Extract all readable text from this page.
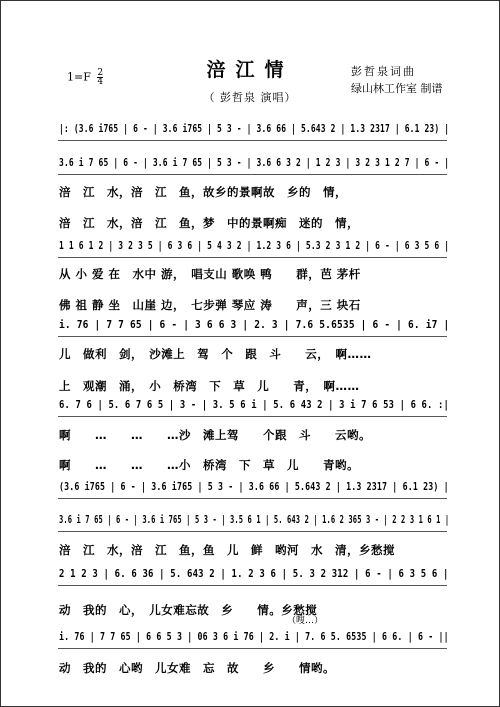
$1=F \frac{2}{4}$	涪江情	彭哲泉词曲
绿山林工作室 制谱
（ 彭哲泉 演唱）
|: (3.6 i765 | 6 - | 3.6 i765 | 5 3 - | 3.6 66 | 5.643 2 | 1.3 2317 | 6.1 23) |
3.6 i 7 65 | 6 - | 3.6 i 7 65 | 5 3 - | 3.6 6 3 2 | 1 2 3 | 3 2 3 1 2 7 | 6 - |
涪　江　水，涪　江　鱼，故乡的景啊故　乡的　情，
涪　江　水，涪　江　鱼，梦　中的景啊痴　迷的　情，
1 1 6 1 2 | 3 2 3 5 | 6 3 6 | 5 4 3 2 | 1.2 3 6 | 5.3 2 3 1 2 | 6 - | 6 3 5 6 |
从 小 爱 在　水中 游，　唱支山 歌唤 鸭　　群，芭 茅杆
佛 祖 静 坐　山崖 边，　七步弹 琴应 涛　　声，三 块石
i. 76 | 7 7 65 | 6 - | 3 6 6 3 | 2. 3 | 7.6 5.6535 | 6 - | 6. i7 |
儿　做利　剑，　沙滩上　驾　个　跟　斗　　云，　啊……
上　观潮　涌，　小　桥湾　下　草　儿　　青，　啊……
6. 7 6 | 5. 6 7 6 5 | 3 - | 3. 5 6 i | 5. 6 43 2 | 3 i 7 6 53 | 6 6. :|
啊　　…　　…　　…沙　滩上驾　　个跟　斗　　云哟。
啊　　…　　…　　…小　桥湾　下　草　儿　　青哟。
(3.6 i765 | 6 - | 3.6 i765 | 5 3 - | 3.6 66 | 5.643 2 | 1.3 2317 | 6.1 23) |
3.6 i 7 65 | 6 - | 3.6 i 765 | 5 3 - | 3.5 6 1 | 5. 643 2 | 1.6 2 365 3 - | 2 2 3 1 6 1 |
涪　江　水，涪　江　鱼，鱼　儿　鲜　哟河　水　清，乡愁搅
2 1 2 3 | 6. 6 36 | 5. 643 2 | 1. 2 3 6 | 5. 3 2 312 | 6 - | 6 3 5 6 |
动　我的　心，　儿女难忘故　乡　　情。乡愁搅
i. 76 | 7 7 65 | 6 6 5 3 | 06 3 6 i 76 | 2. i | 7. 6 5. 6535 | 6 6. | 6 - ||
动　我的　心哟　儿女难　忘　故　　乡　　情哟。
（嗖…）
